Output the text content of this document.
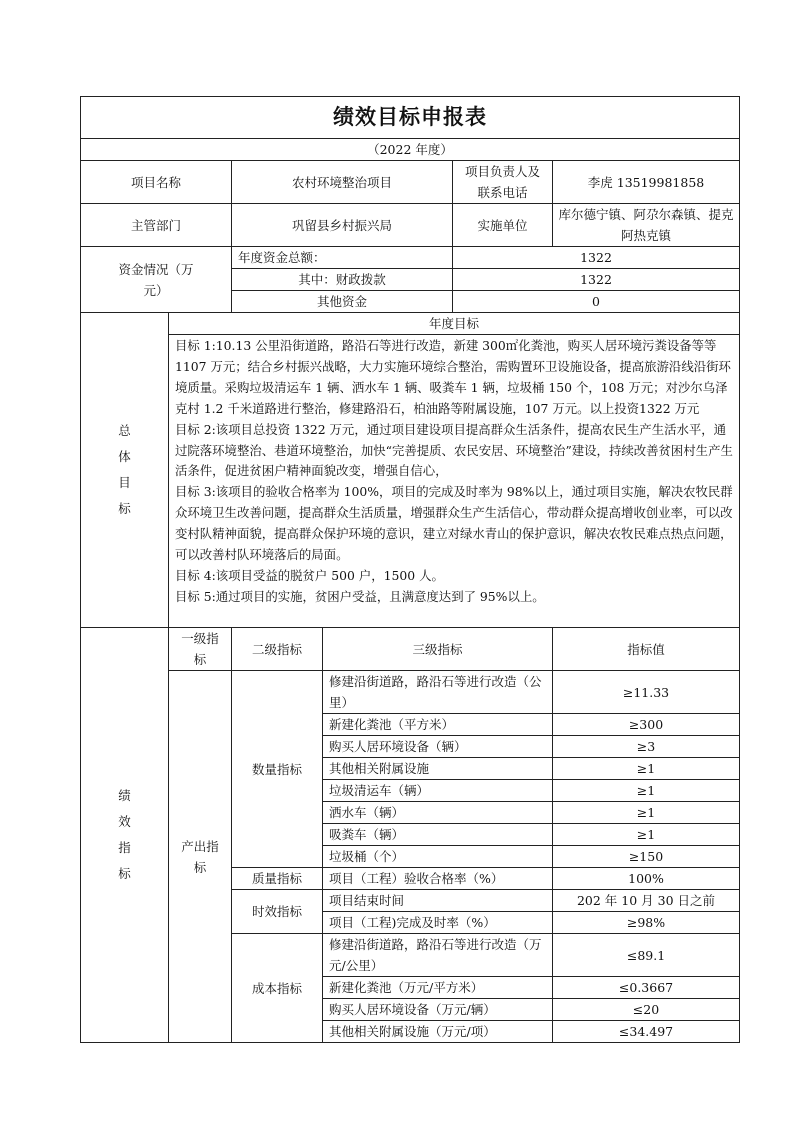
绩效目标申报表					
（2022 年度）					
项目名称		农村环境整治项目		项目负责人及联系电话	李虎 13519981858
主管部门		巩留县乡村振兴局		实施单位	库尔德宁镇、阿尕尔森镇、提克阿热克镇
资金情况（万元）		年度资金总额：		1322	
		其中：财政拨款		1322	
		其他资金		0	
总体目标	年度目标				

	目标 1:10.13 公里沿街道路，路沿石等进行改造，新建 300㎡化粪池，购买人居环境污粪设备等等 1107 万元；结合乡村振兴战略，大力实施环境综合整治，需购置环卫设施设备，提高旅游沿线沿街环境质量。采购垃圾清运车 1 辆、洒水车 1 辆、吸粪车 1 辆，垃圾桶 150 个，108 万元；对沙尔乌泽克村 1.2 千米道路进行整治，修建路沿石，柏油路等附属设施，107 万元。以上投资1322 万元

目标 2:该项目总投资 1322 万元，通过项目建设项目提高群众生活条件，提高农民生产生活水平，通过院落环境整治、巷道环境整治，加快“完善提质、农民安居、环境整治”建设，持续改善贫困村生产生活条件，促进贫困户精神面貌改变，增强自信心，

目标 3:该项目的验收合格率为 100%，项目的完成及时率为 98%以上，通过项目实施，解决农牧民群众环境卫生改善问题，提高群众生活质量，增强群众生产生活信心，带动群众提高增收创业率，可以改变村队精神面貌，提高群众保护环境的意识，建立对绿水青山的保护意识，解决农牧民难点热点问题，可以改善村队环境落后的局面。

目标 4:该项目受益的脱贫户 500 户，1500 人。

目标 5:通过项目的实施，贫困户受益，且满意度达到了 95%以上。				

绩效指标	一级指标	二级指标	三级指标		指标值
	产出指标	数量指标	修建沿街道路，路沿石等进行改造（公里）		≥11.33
			新建化粪池（平方米）		≥300
			购买人居环境设备（辆）		≥3
			其他相关附属设施		≥1
			垃圾清运车（辆）		≥1
			洒水车（辆）		≥1
			吸粪车（辆）		≥1
			垃圾桶（个）		≥150
		质量指标	项目（工程）验收合格率（%）		100%
		时效指标	项目结束时间		202 年 10 月 30 日之前
			项目（工程)完成及时率（%）		≥98%
		成本指标	修建沿街道路，路沿石等进行改造（万元/公里）		≤89.1
			新建化粪池（万元/平方米）		≤0.3667
			购买人居环境设备（万元/辆）		≤20
			其他相关附属设施（万元/项）		≤34.497
